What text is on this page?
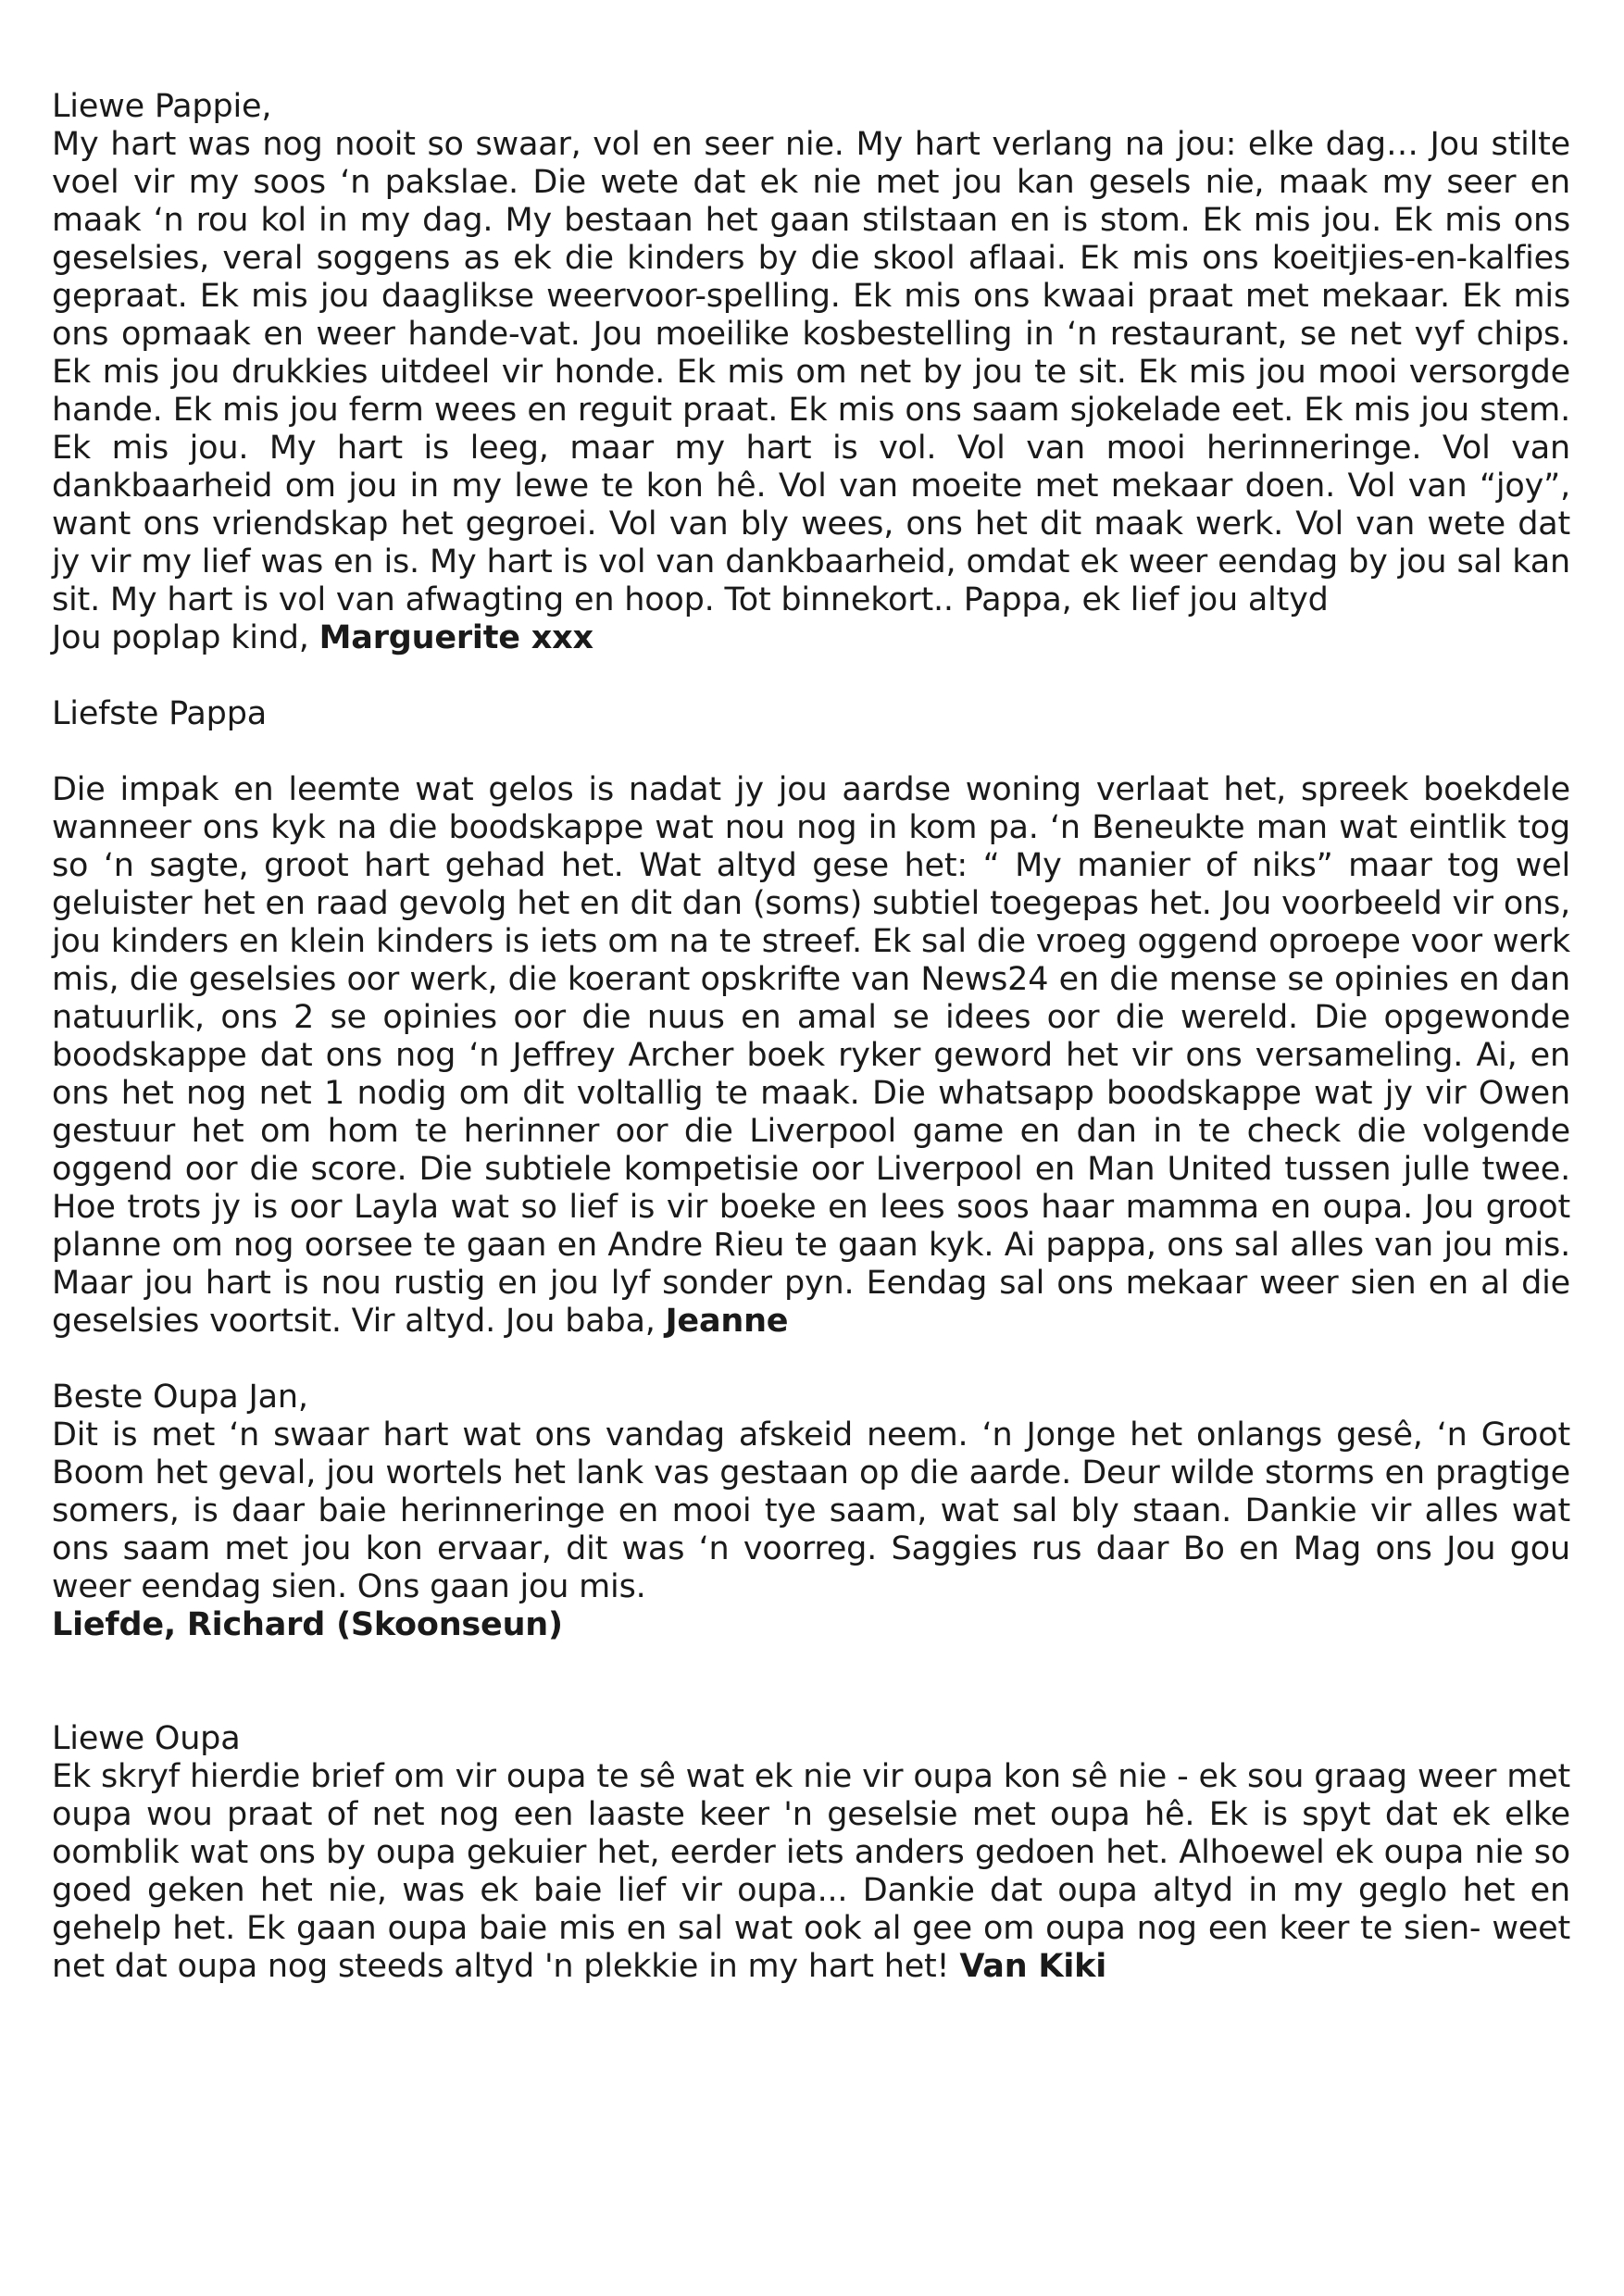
Liewe Pappie,
My hart was nog nooit so swaar, vol en seer nie. My hart verlang na jou: elke dag… Jou stilte voel vir my soos ‘n pakslae. Die wete dat ek nie met jou kan gesels nie, maak my seer en maak ‘n rou kol in my dag. My bestaan het gaan stilstaan en is stom. Ek mis jou. Ek mis ons geselsies, veral soggens as ek die kinders by die skool aflaai. Ek mis ons koeitjies-en-kalfies gepraat. Ek mis jou daaglikse weervoor-spelling. Ek mis ons kwaai praat met mekaar. Ek mis ons opmaak en weer hande-vat. Jou moeilike kosbestelling in ‘n restaurant, se net vyf chips. Ek mis jou drukkies uitdeel vir honde. Ek mis om net by jou te sit. Ek mis jou mooi versorgde hande. Ek mis jou ferm wees en reguit praat. Ek mis ons saam sjokelade eet. Ek mis jou stem. Ek mis jou. My hart is leeg, maar my hart is vol. Vol van mooi herinneringe. Vol van dankbaarheid om jou in my lewe te kon hê. Vol van moeite met mekaar doen. Vol van “joy”, want ons vriendskap het gegroei. Vol van bly wees, ons het dit maak werk. Vol van wete dat jy vir my lief was en is. My hart is vol van dankbaarheid, omdat ek weer eendag by jou sal kan sit. My hart is vol van afwagting en hoop. Tot binnekort.. Pappa, ek lief jou altyd
Jou poplap kind, Marguerite xxx
Liefste Pappa
Die impak en leemte wat gelos is nadat jy jou aardse woning verlaat het, spreek boekdele wanneer ons kyk na die boodskappe wat nou nog in kom pa. ‘n Beneukte man wat eintlik tog so ‘n sagte, groot hart gehad het. Wat altyd gese het: “ My manier of niks” maar tog wel geluister het en raad gevolg het en dit dan (soms) subtiel toegepas het. Jou voorbeeld vir ons, jou kinders en klein kinders is iets om na te streef. Ek sal die vroeg oggend oproepe voor werk mis, die geselsies oor werk, die koerant opskrifte van News24 en die mense se opinies en dan natuurlik, ons 2 se opinies oor die nuus en amal se idees oor die wereld. Die opgewonde boodskappe dat ons nog ‘n Jeffrey Archer boek ryker geword het vir ons versameling. Ai, en ons het nog net 1 nodig om dit voltallig te maak. Die whatsapp boodskappe wat jy vir Owen gestuur het om hom te herinner oor die Liverpool game en dan in te check die volgende oggend oor die score. Die subtiele kompetisie oor Liverpool en Man United tussen julle twee. Hoe trots jy is oor Layla wat so lief is vir boeke en lees soos haar mamma en oupa. Jou groot planne om nog oorsee te gaan en Andre Rieu te gaan kyk. Ai pappa, ons sal alles van jou mis. Maar jou hart is nou rustig en jou lyf sonder pyn. Eendag sal ons mekaar weer sien en al die geselsies voortsit. Vir altyd. Jou baba, Jeanne
Beste Oupa Jan,
Dit is met ‘n swaar hart wat ons vandag afskeid neem. ‘n Jonge het onlangs gesê, ‘n Groot Boom het geval, jou wortels het lank vas gestaan op die aarde. Deur wilde storms en pragtige somers, is daar baie herinneringe en mooi tye saam, wat sal bly staan. Dankie vir alles wat ons saam met jou kon ervaar, dit was ‘n voorreg. Saggies rus daar Bo en Mag ons Jou gou weer eendag sien. Ons gaan jou mis.
Liefde, Richard (Skoonseun)
Liewe Oupa
Ek skryf hierdie brief om vir oupa te sê wat ek nie vir oupa kon sê nie - ek sou graag weer met oupa wou praat of net nog een laaste keer 'n geselsie met oupa hê. Ek is spyt dat ek elke oomblik wat ons by oupa gekuier het, eerder iets anders gedoen het. Alhoewel ek oupa nie so goed geken het nie, was ek baie lief vir oupa... Dankie dat oupa altyd in my geglo het en gehelp het. Ek gaan oupa baie mis en sal wat ook al gee om oupa nog een keer te sien- weet net dat oupa nog steeds altyd 'n plekkie in my hart het! Van Kiki
